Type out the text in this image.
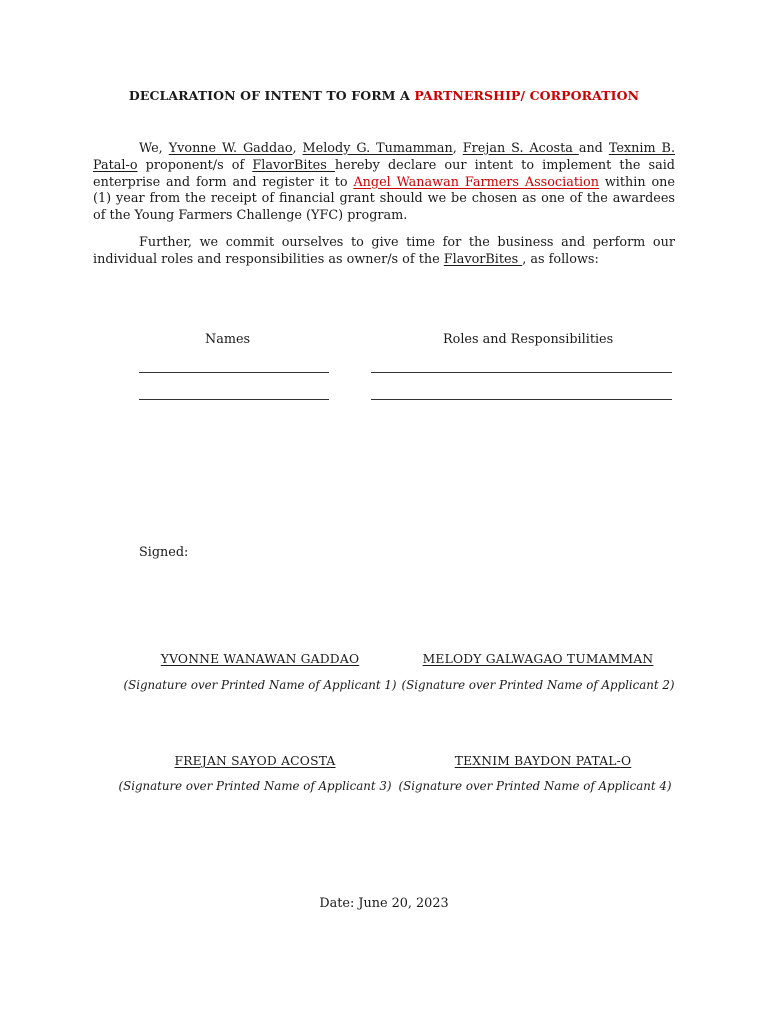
DECLARATION OF INTENT TO FORM A PARTNERSHIP/ CORPORATION

We, Yvonne W. Gaddao, Melody G. Tumamman, Frejan S. Acosta and Texnim B. Patal-o proponent/s of FlavorBites hereby declare our intent to implement the said enterprise and form and register it to Angel Wanawan Farmers Association within one (1) year from the receipt of financial grant should we be chosen as one of the awardees of the Young Farmers Challenge (YFC) program.

Further, we commit ourselves to give time for the business and perform our individual roles and responsibilities as owner/s of the FlavorBites , as follows:

Names	Roles and Responsibilities
Signed:
YVONNE WANAWAN GADDAO
(Signature over Printed Name of Applicant 1)
MELODY GALWAGAO TUMAMMAN
(Signature over Printed Name of Applicant 2)
FREJAN SAYOD ACOSTA
(Signature over Printed Name of Applicant 3)
TEXNIM BAYDON PATAL-O
(Signature over Printed Name of Applicant 4)
Date: June 20, 2023
